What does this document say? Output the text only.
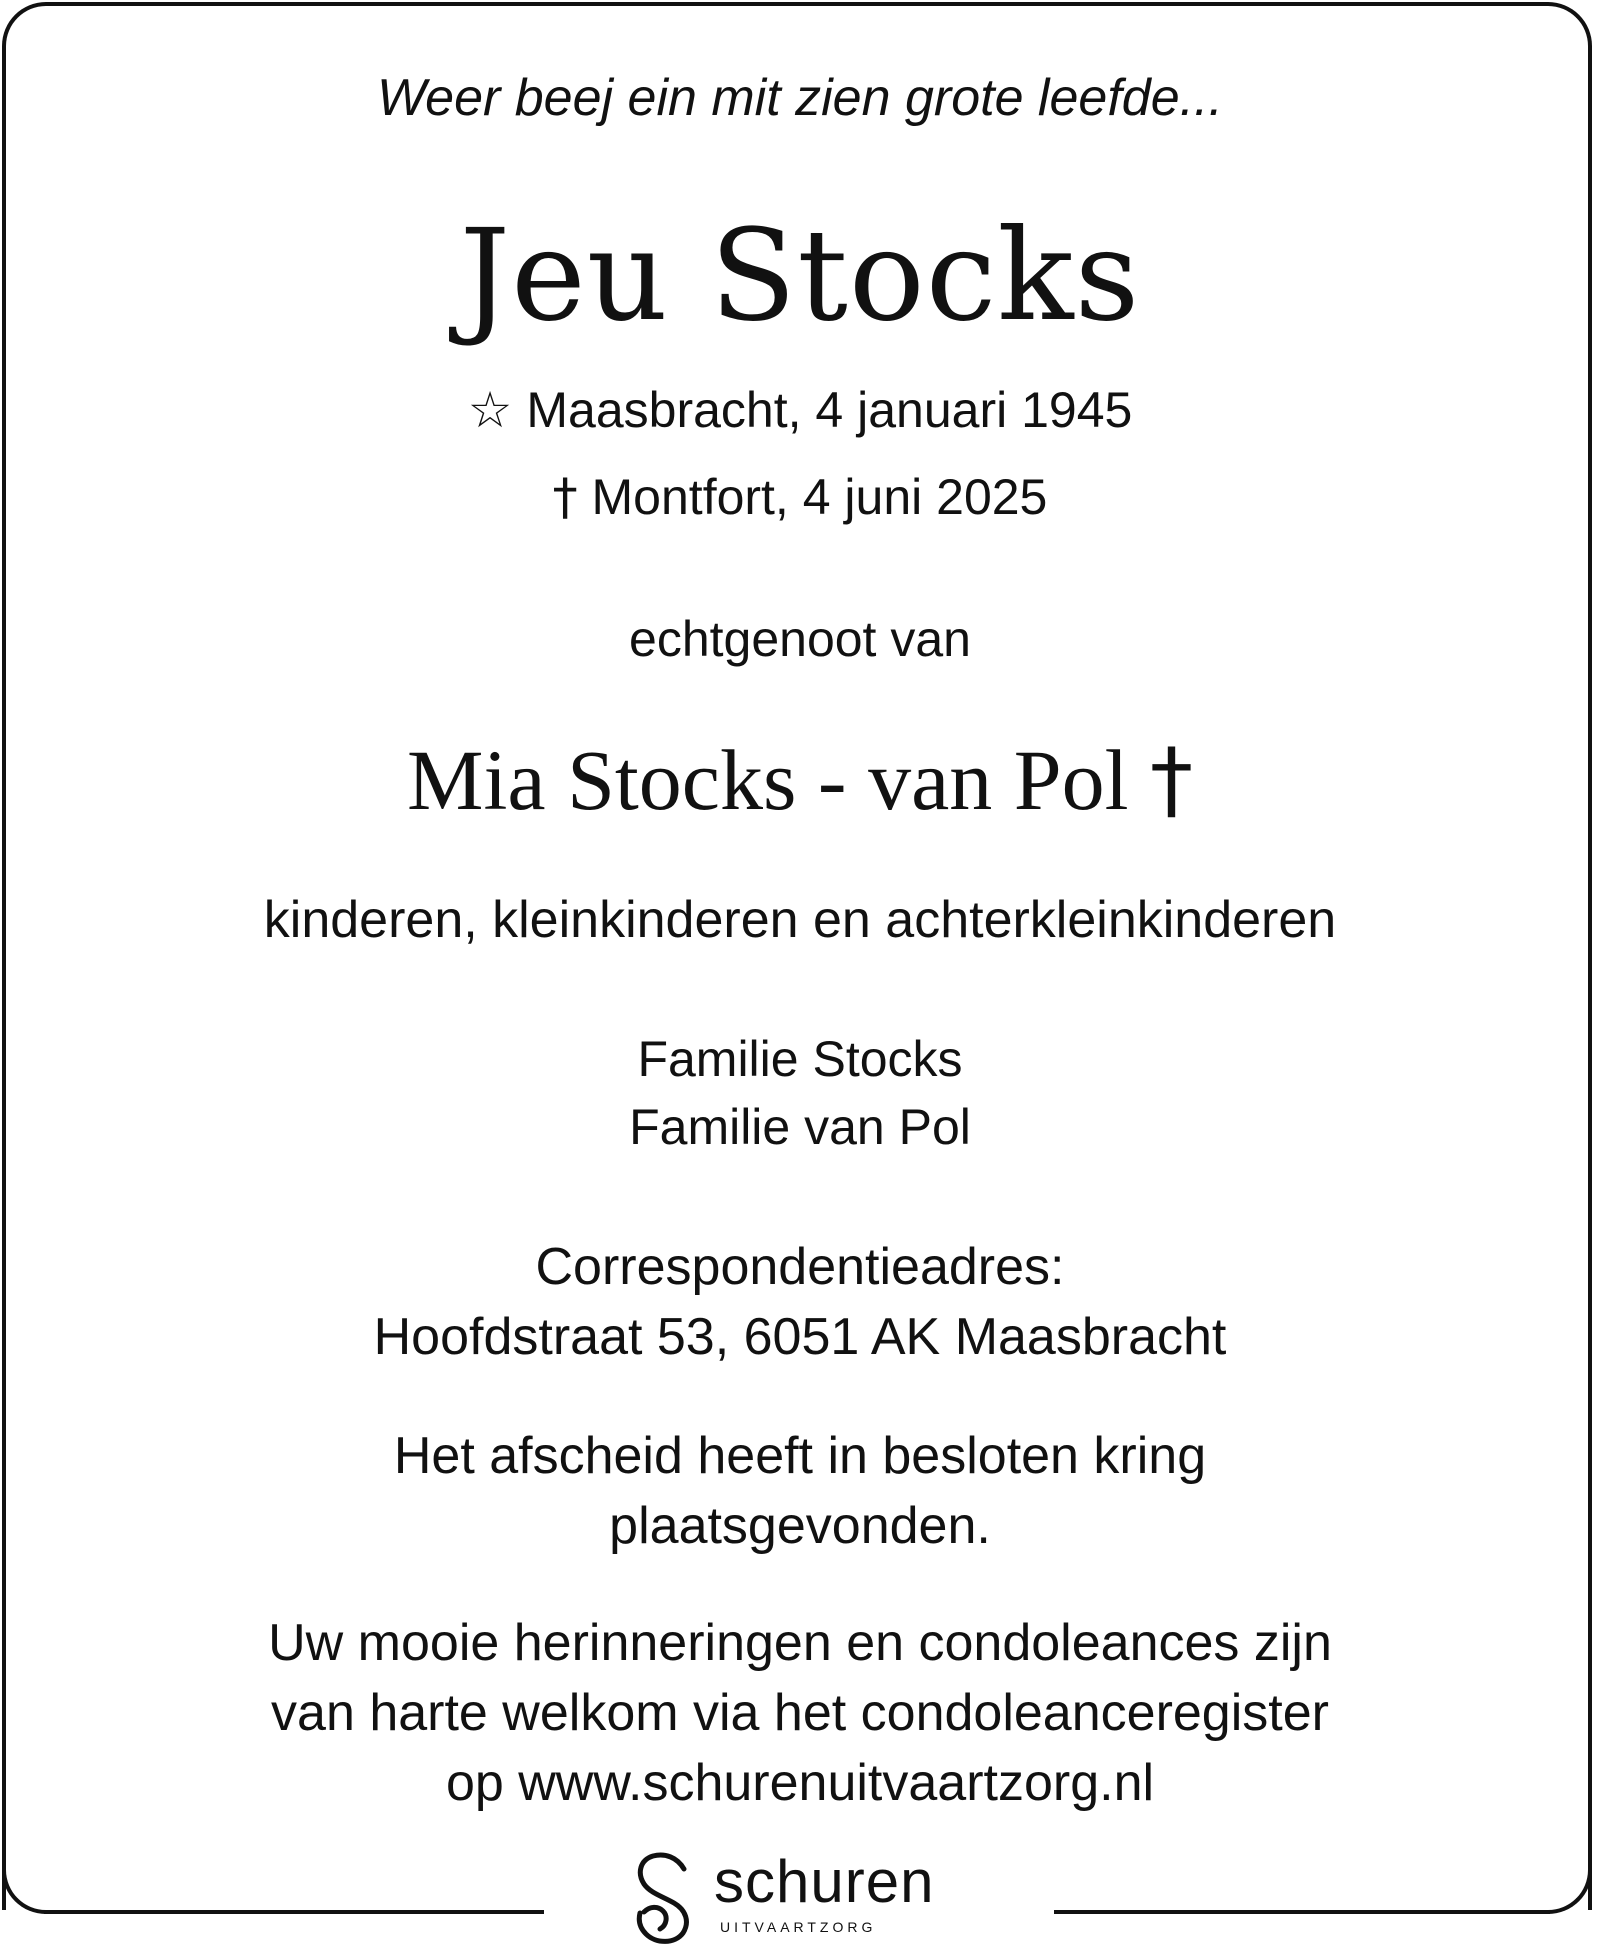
Weer beej ein mit zien grote leefde...
Jeu Stocks
☆ Maasbracht, 4 januari 1945
† Montfort, 4 juni 2025
echtgenoot van
Mia Stocks - van Pol †
kinderen, kleinkinderen en achterkleinkinderen
Familie Stocks
Familie van Pol
Correspondentieadres:
Hoofdstraat 53, 6051 AK Maasbracht
Het afscheid heeft in besloten kring
plaatsgevonden.
Uw mooie herinneringen en condoleances zijn
van harte welkom via het condoleanceregister
op www.schurenuitvaartzorg.nl
schuren
UITVAARTZORG
